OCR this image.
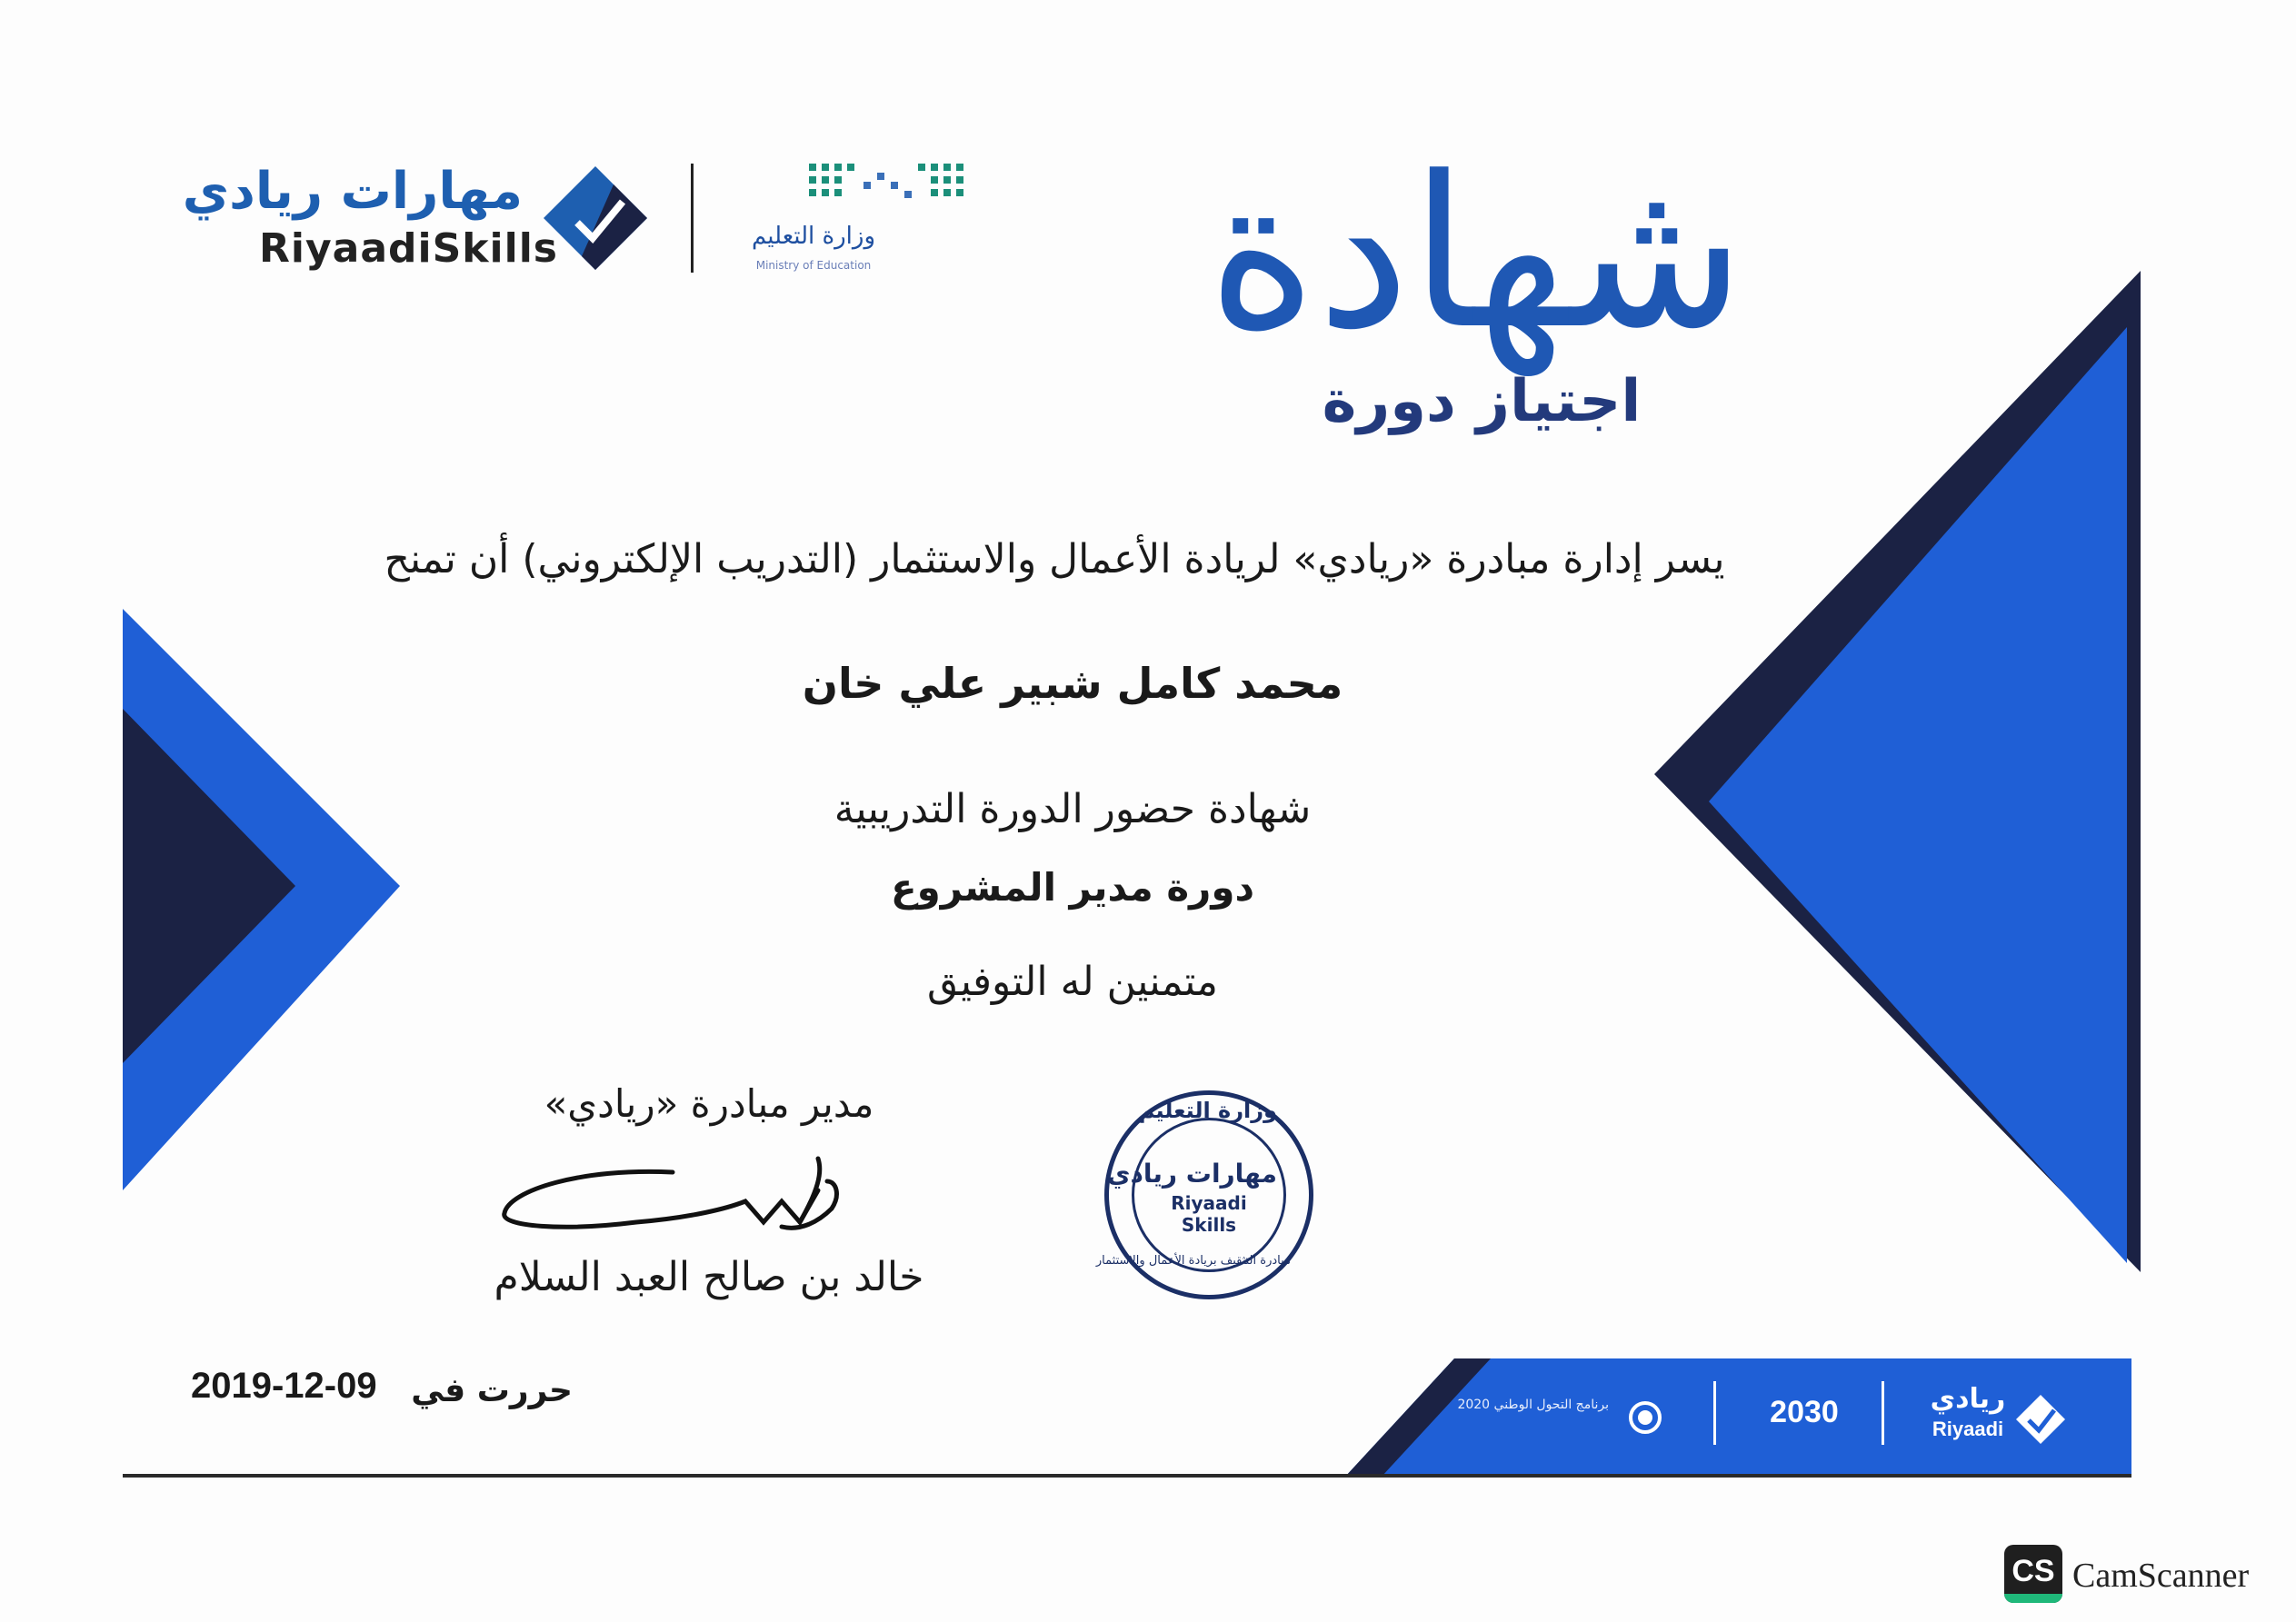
مهارات ريادي
RiyaadiSkills	وزارة التعليم
Ministry of Education شهادة
اجتياز دورة
يسر إدارة مبادرة «ريادي» لريادة الأعمال والاستثمار (التدريب الإلكتروني) أن تمنح
محمد كامل شبير علي خان
شهادة حضور الدورة التدريبية
دورة مدير المشروع
متمنين له التوفيق
مدير مبادرة «ريادي»
خالد بن صالح العبد السلام
وزارة التعليم
مهارات ريادي
Riyaadi Skills
مبادرة التثقيف بريادة الأعمال والاستثمار
حررت في
2019-12-09	ريادي
Riyaadi
2030
برنامج التحول الوطني 2020
CS CamScanner
